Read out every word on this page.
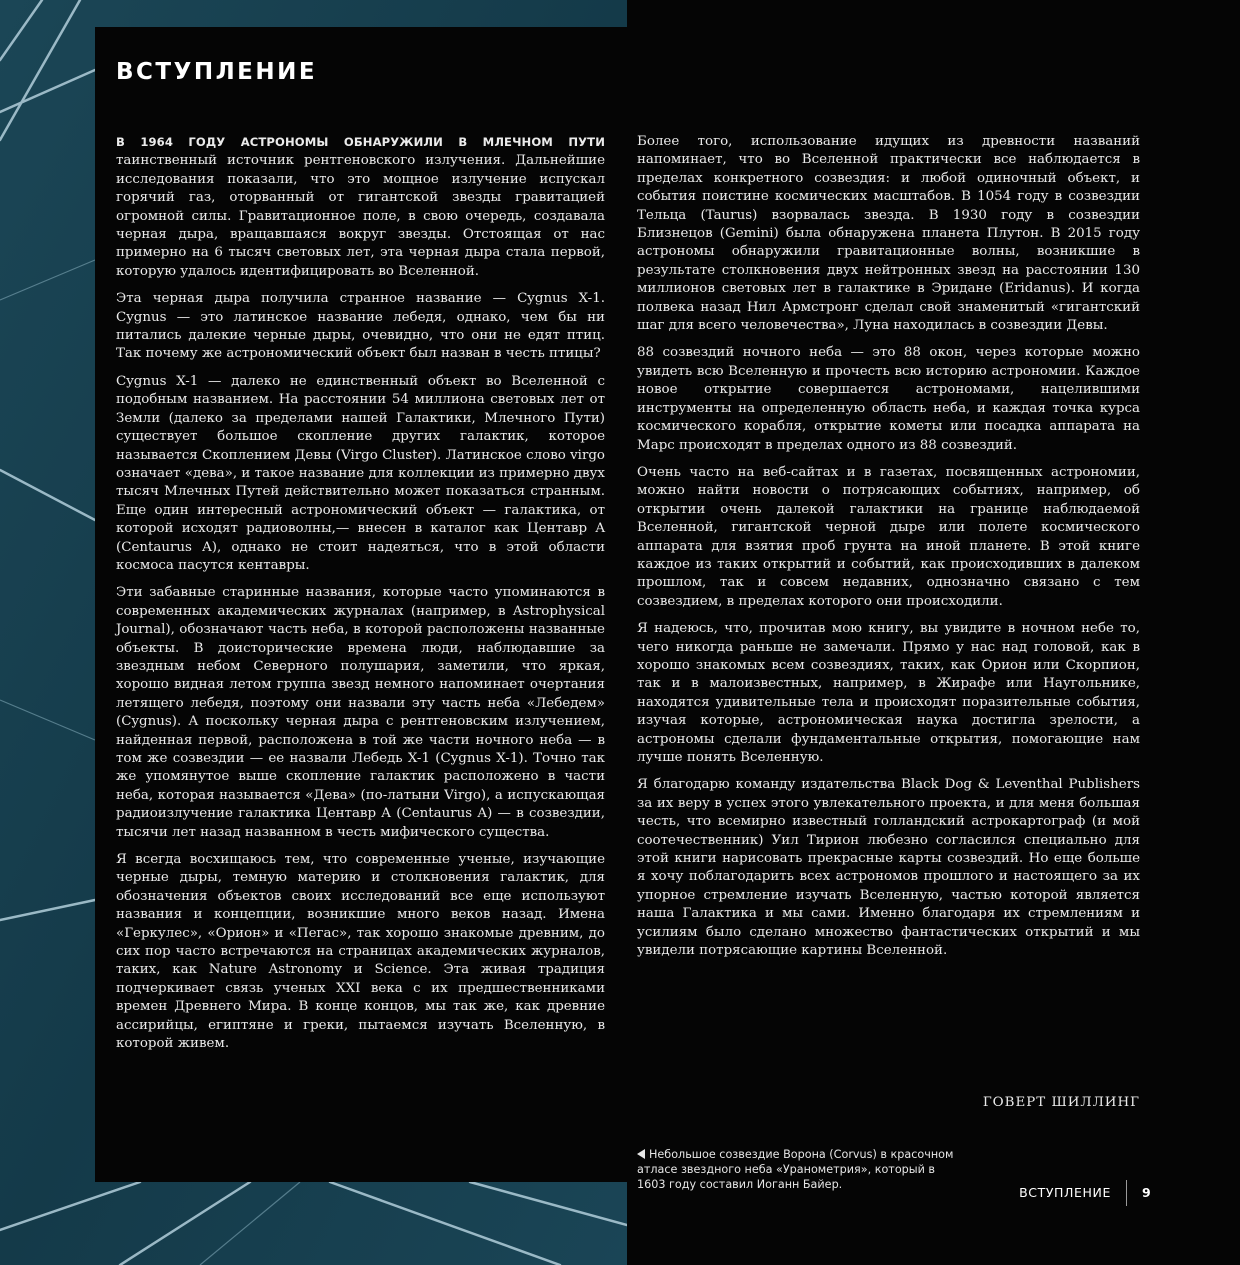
ВСТУПЛЕНИЕ

В 1964 ГОДУ АСТРОНОМЫ ОБНАРУЖИЛИ В МЛЕЧНОМ ПУТИ таинственный источник рентгеновского излучения. Дальнейшие исследования показали, что это мощное излучение испускал горячий газ, оторванный от гигантской звезды гравитацией огромной силы. Гравитационное поле, в свою очередь, создавала черная дыра, вращавшаяся вокруг звезды. Отстоящая от нас примерно на 6 тысяч световых лет, эта черная дыра стала первой, которую удалось идентифицировать во Вселенной.

Эта черная дыра получила странное название — Cygnus X-1. Cygnus — это латинское название лебедя, однако, чем бы ни питались далекие черные дыры, очевидно, что они не едят птиц. Так почему же астрономический объект был назван в честь птицы?

Cygnus X-1 — далеко не единственный объект во Вселенной с подобным названием. На расстоянии 54 миллиона световых лет от Земли (далеко за пределами нашей Галактики, Млечного Пути) существует большое скопление других галактик, которое называется Скоплением Девы (Virgo Cluster). Латинское слово virgo означает «дева», и такое название для коллекции из примерно двух тысяч Млечных Путей действительно может показаться странным. Еще один интересный астрономический объект — галактика, от которой исходят радиоволны,— внесен в каталог как Центавр A (Centaurus A), однако не стоит надеяться, что в этой области космоса пасутся кентавры.

Эти забавные старинные названия, которые часто упоминаются в современных академических журналах (например, в Astrophysical Journal), обозначают часть неба, в которой расположены названные объекты. В доисторические времена люди, наблюдавшие за звездным небом Северного полушария, заметили, что яркая, хорошо видная летом группа звезд немного напоминает очертания летящего лебедя, поэтому они назвали эту часть неба «Лебедем» (Cygnus). А поскольку черная дыра с рентгеновским излучением, найденная первой, расположена в той же части ночного неба — в том же созвездии — ее назвали Лебедь X-1 (Cygnus X-1). Точно так же упомянутое выше скопление галактик расположено в части неба, которая называется «Дева» (по-латыни Virgo), а испускающая радиоизлучение галактика Центавр A (Centaurus A) — в созвездии, тысячи лет назад названном в честь мифического существа.

Я всегда восхищаюсь тем, что современные ученые, изучающие черные дыры, темную материю и столкновения галактик, для обозначения объектов своих исследований все еще используют названия и концепции, возникшие много веков назад. Имена «Геркулес», «Орион» и «Пегас», так хорошо знакомые древним, до сих пор часто встречаются на страницах академических журналов, таких, как Nature Astronomy и Science. Эта живая традиция подчеркивает связь ученых XXI века с их предшественниками времен Древнего Мира. В конце концов, мы так же, как древние ассирийцы, египтяне и греки, пытаемся изучать Вселенную, в которой живем.

Более того, использование идущих из древности названий напоминает, что во Вселенной практически все наблюдается в пределах конкретного созвездия: и любой одиночный объект, и события поистине космических масштабов. В 1054 году в созвездии Тельца (Taurus) взорвалась звезда. В 1930 году в созвездии Близнецов (Gemini) была обнаружена планета Плутон. В 2015 году астрономы обнаружили гравитационные волны, возникшие в результате столкновения двух нейтронных звезд на расстоянии 130 миллионов световых лет в галактике в Эридане (Eridanus). И когда полвека назад Нил Армстронг сделал свой знаменитый «гигантский шаг для всего человечества», Луна находилась в созвездии Девы.

88 созвездий ночного неба — это 88 окон, через которые можно увидеть всю Вселенную и прочесть всю историю астрономии. Каждое новое открытие совершается астрономами, нацелившими инструменты на определенную область неба, и каждая точка курса космического корабля, открытие кометы или посадка аппарата на Марс происходят в пределах одного из 88 созвездий.

Очень часто на веб-сайтах и в газетах, посвященных астрономии, можно найти новости о потрясающих событиях, например, об открытии очень далекой галактики на границе наблюдаемой Вселенной, гигантской черной дыре или полете космического аппарата для взятия проб грунта на иной планете. В этой книге каждое из таких открытий и событий, как происходивших в далеком прошлом, так и совсем недавних, однозначно связано с тем созвездием, в пределах которого они происходили.

Я надеюсь, что, прочитав мою книгу, вы увидите в ночном небе то, чего никогда раньше не замечали. Прямо у нас над головой, как в хорошо знакомых всем созвездиях, таких, как Орион или Скорпион, так и в малоизвестных, например, в Жирафе или Наугольнике, находятся удивительные тела и происходят поразительные события, изучая которые, астрономическая наука достигла зрелости, а астрономы сделали фундаментальные открытия, помогающие нам лучше понять Вселенную.

Я благодарю команду издательства Black Dog & Leventhal Publishers за их веру в успех этого увлекательного проекта, и для меня большая честь, что всемирно известный голландский астрокартограф (и мой соотечественник) Уил Тирион любезно согласился специально для этой книги нарисовать прекрасные карты созвездий. Но еще больше я хочу поблагодарить всех астрономов прошлого и настоящего за их упорное стремление изучать Вселенную, частью которой является наша Галактика и мы сами. Именно благодаря их стремлениям и усилиям было сделано множество фантастических открытий и мы увидели потрясающие картины Вселенной.

ГОВЕРТ ШИЛЛИНГ
Небольшое созвездие Ворона (Corvus) в красочном атласе звездного неба «Уранометрия», который в 1603 году составил Иоганн Байер.
ВСТУПЛЕНИЕ 9
